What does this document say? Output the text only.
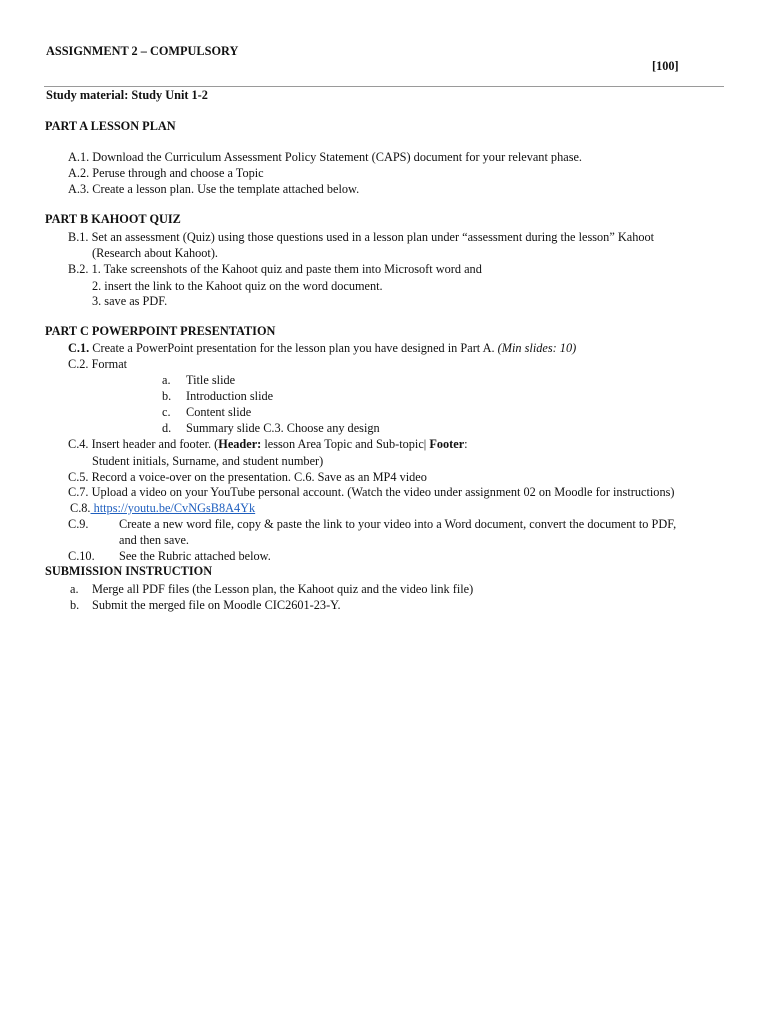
ASSIGNMENT 2 – COMPULSORY
[100]
Study material: Study Unit 1-2
PART A LESSON PLAN
A.1. Download the Curriculum Assessment Policy Statement (CAPS) document for your relevant phase.
A.2. Peruse through and choose a Topic
A.3. Create a lesson plan. Use the template attached below.
PART B KAHOOT QUIZ
B.1. Set an assessment (Quiz) using those questions used in a lesson plan under “assessment during the lesson” Kahoot
(Research about Kahoot).
B.2. 1. Take screenshots of the Kahoot quiz and paste them into Microsoft word and
2. insert the link to the Kahoot quiz on the word document.
3. save as PDF.
PART C POWERPOINT PRESENTATION
C.1. Create a PowerPoint presentation for the lesson plan you have designed in Part A. (Min slides: 10)
C.2. Format
a. Title slide
b. Introduction slide
c. Content slide
d. Summary slide C.3. Choose any design
C.4. Insert header and footer. (Header: lesson Area Topic and Sub-topic| Footer:
Student initials, Surname, and student number)
C.5. Record a voice-over on the presentation. C.6. Save as an MP4 video
C.7. Upload a video on your YouTube personal account. (Watch the video under assignment 02 on Moodle for instructions)
C.8. https://youtu.be/CvNGsB8A4Yk
C.9. Create a new word file, copy & paste the link to your video into a Word document, convert the document to PDF,
and then save.
C.10. See the Rubric attached below.
SUBMISSION INSTRUCTION
a. Merge all PDF files (the Lesson plan, the Kahoot quiz and the video link file)
b. Submit the merged file on Moodle CIC2601-23-Y.
